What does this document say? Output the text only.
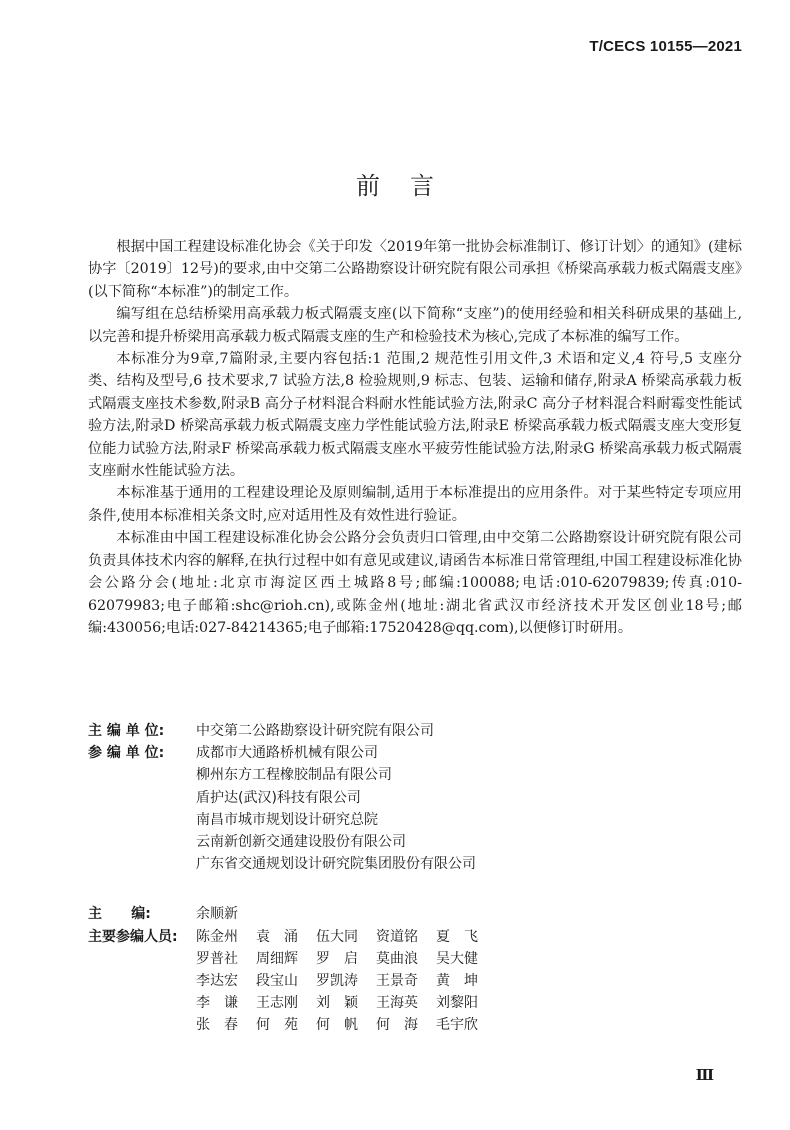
T/CECS 10155—2021
前言

根据中国工程建设标准化协会《关于印发〈2019年第一批协会标准制订、修订计划〉的通知》(建标协字〔2019〕12号)的要求,由中交第二公路勘察设计研究院有限公司承担《桥梁高承载力板式隔震支座》(以下简称“本标准”)的制定工作。

编写组在总结桥梁用高承载力板式隔震支座(以下简称“支座”)的使用经验和相关科研成果的基础上,以完善和提升桥梁用高承载力板式隔震支座的生产和检验技术为核心,完成了本标准的编写工作。

本标准分为9章,7篇附录,主要内容包括:1 范围,2 规范性引用文件,3 术语和定义,4 符号,5 支座分类、结构及型号,6 技术要求,7 试验方法,8 检验规则,9 标志、包装、运输和储存,附录A 桥梁高承载力板式隔震支座技术参数,附录B 高分子材料混合料耐水性能试验方法,附录C 高分子材料混合料耐霉变性能试验方法,附录D 桥梁高承载力板式隔震支座力学性能试验方法,附录E 桥梁高承载力板式隔震支座大变形复位能力试验方法,附录F 桥梁高承载力板式隔震支座水平疲劳性能试验方法,附录G 桥梁高承载力板式隔震支座耐水性能试验方法。

本标准基于通用的工程建设理论及原则编制,适用于本标准提出的应用条件。对于某些特定专项应用条件,使用本标准相关条文时,应对适用性及有效性进行验证。

本标准由中国工程建设标准化协会公路分会负责归口管理,由中交第二公路勘察设计研究院有限公司负责具体技术内容的解释,在执行过程中如有意见或建议,请函告本标准日常管理组,中国工程建设标准化协会公路分会(地址:北京市海淀区西土城路8号;邮编:100088;电话:010-62079839;传真:010-62079983;电子邮箱:shc@rioh.cn),或陈金州(地址:湖北省武汉市经济技术开发区创业18号;邮编:430056;电话:027-84214365;电子邮箱:17520428@qq.com),以便修订时研用。

主 编 单 位:	中交第二公路勘察设计研究院有限公司
参 编 单 位:	成都市大通路桥机械有限公司
柳州东方工程橡胶制品有限公司
盾护达(武汉)科技有限公司
南昌市城市规划设计研究总院
云南新创新交通建设股份有限公司
广东省交通规划设计研究院集团股份有限公司
主      编:	余顺新
主要参编人员:	陈金州	袁　涌	伍大同	资道铭	夏　飞
罗普社	周细辉	罗　启	莫曲浪	吴大健
李达宏	段宝山	罗凯涛	王景奇	黄　坤
李　谦	王志刚	刘　颖	王海英	刘黎阳
张　春	何　苑	何　帆	何　海	毛宇欣
Ⅲ
